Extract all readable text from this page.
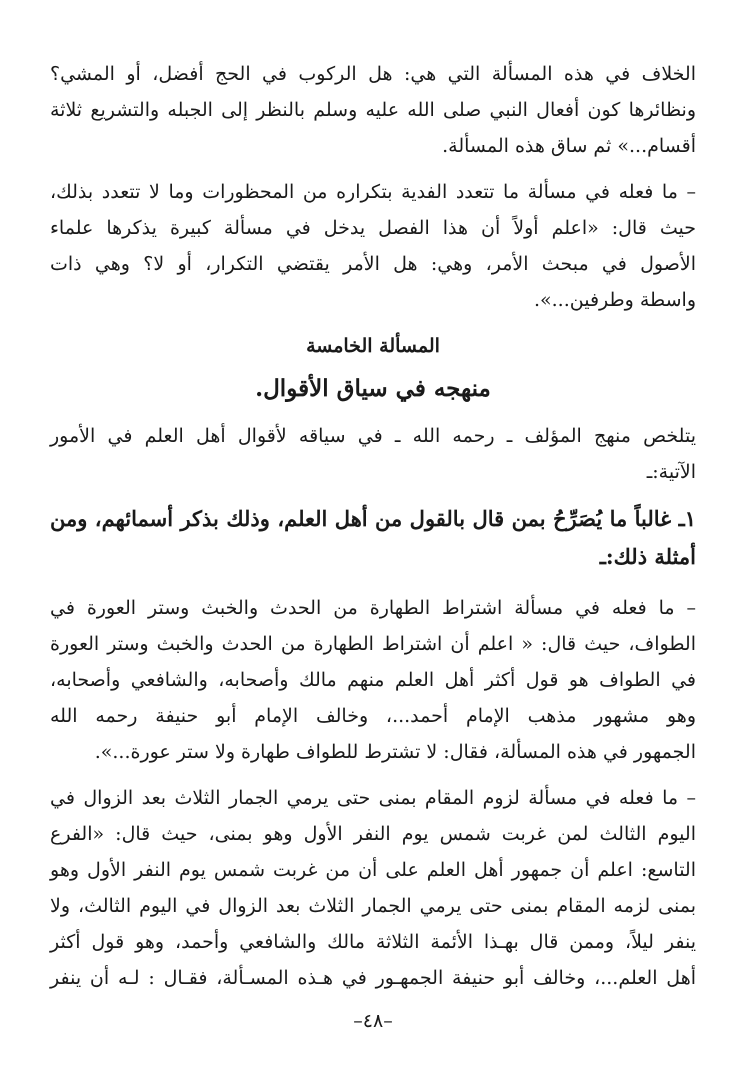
الخلاف في هذه المسألة التي هي: هل الركوب في الحج أفضل، أو المشي؟
ونظائرها كون أفعال النبي صلى الله عليه وسلم بالنظر إلى الجبله والتشريع ثلاثة
أقسام...» ثم ساق هذه المسألة.

– ما فعله في مسألة ما تتعدد الفدية بتكراره من المحظورات وما لا تتعدد بذلك،
حيث قال: «اعلم أولاً أن هذا الفصل يدخل في مسألة كبيرة يذكرها علماء
الأصول في مبحث الأمر، وهي: هل الأمر يقتضي التكرار، أو لا؟ وهي ذات
واسطة وطرفين...».

المسألة الخامسة
منهجه في سياق الأقوال.

يتلخص منهج المؤلف ـ رحمه الله ـ في سياقه لأقوال أهل العلم في الأمور
الآتية:ـ

١ـ غالباً ما يُصَرِّحُ بمن قال بالقول من أهل العلم، وذلك بذكر أسمائهم، ومن
أمثلة ذلك:ـ

– ما فعله في مسألة اشتراط الطهارة من الحدث والخبث وستر العورة في
الطواف، حيث قال: « اعلم أن اشتراط الطهارة من الحدث والخبث وستر العورة
في الطواف هو قول أكثر أهل العلم منهم مالك وأصحابه، والشافعي وأصحابه،
وهو مشهور مذهب الإمام أحمد...، وخالف الإمام أبو حنيفة رحمه الله
الجمهور في هذه المسألة، فقال: لا تشترط للطواف طهارة ولا ستر عورة...».

– ما فعله في مسألة لزوم المقام بمنى حتى يرمي الجمار الثلاث بعد الزوال في
اليوم الثالث لمن غربت شمس يوم النفر الأول وهو بمنى، حيث قال: «الفرع
التاسع: اعلم أن جمهور أهل العلم على أن من غربت شمس يوم النفر الأول وهو
بمنى لزمه المقام بمنى حتى يرمي الجمار الثلاث بعد الزوال في اليوم الثالث، ولا
ينفر ليلاً، وممن قال بهـذا الأئمة الثلاثة مالك والشافعي وأحمد، وهو قول أكثر
أهل العلم...، وخالف أبو حنيفة الجمهـور في هـذه المسـألة، فقـال : لـه أن ينفر

–٤٨–
